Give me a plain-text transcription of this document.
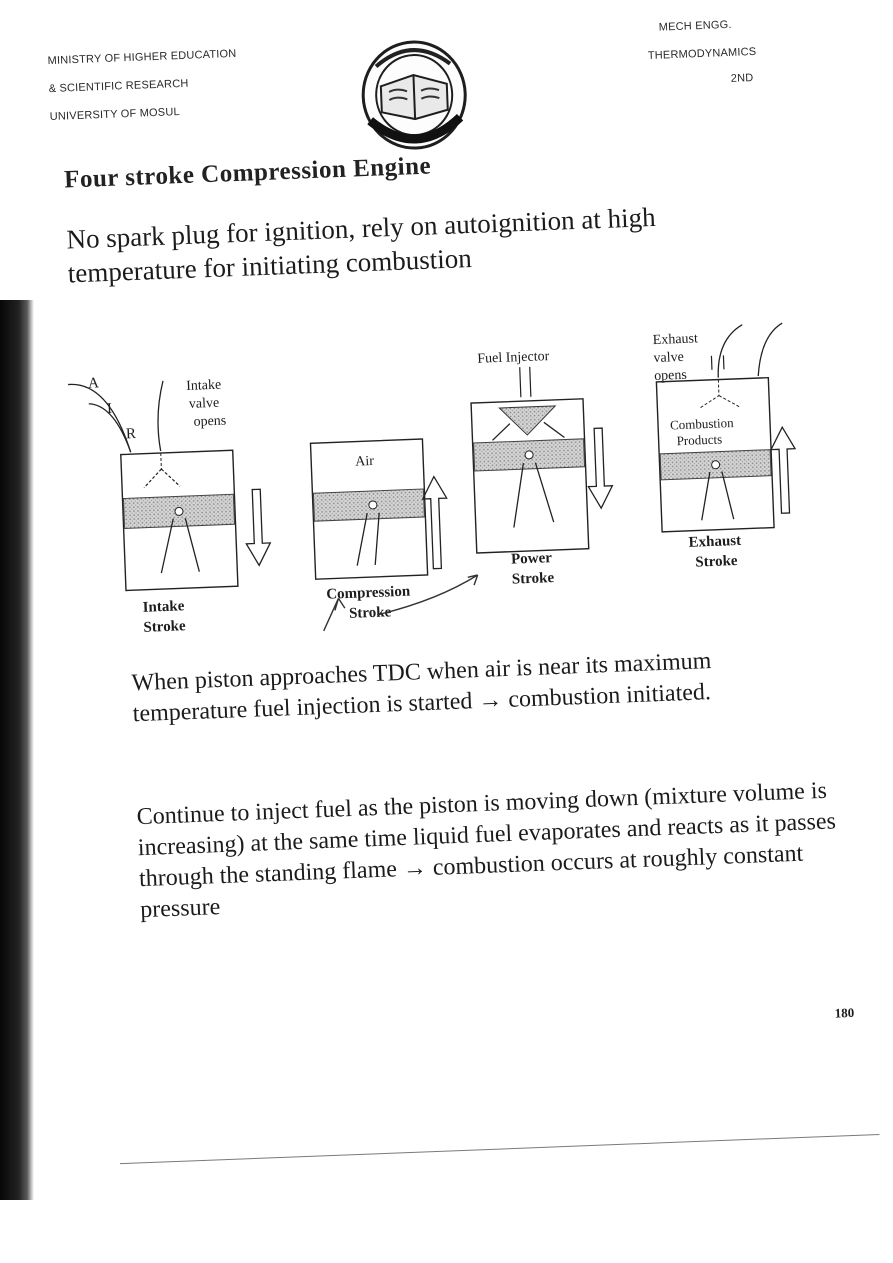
MINISTRY OF HIGHER EDUCATION
& SCIENTIFIC RESEARCH
UNIVERSITY OF MOSUL
MECH ENGG.
THERMODYNAMICS
2ND
Four stroke Compression Engine

No spark plug for ignition, rely on autoignition at high temperature for initiating combustion

A
I
R
Intake
valve
opens
Intake
Stroke
Air
Compression
Stroke
Fuel Injector
Power
Stroke
Exhaust
valve
opens
Combustion
Products
Exhaust
Stroke

When piston approaches TDC when air is near its maximum temperature fuel injection is started → combustion initiated.

Continue to inject fuel as the piston is moving down (mixture volume is increasing) at the same time liquid fuel evaporates and reacts as it passes through the standing flame → combustion occurs at roughly constant pressure

180
